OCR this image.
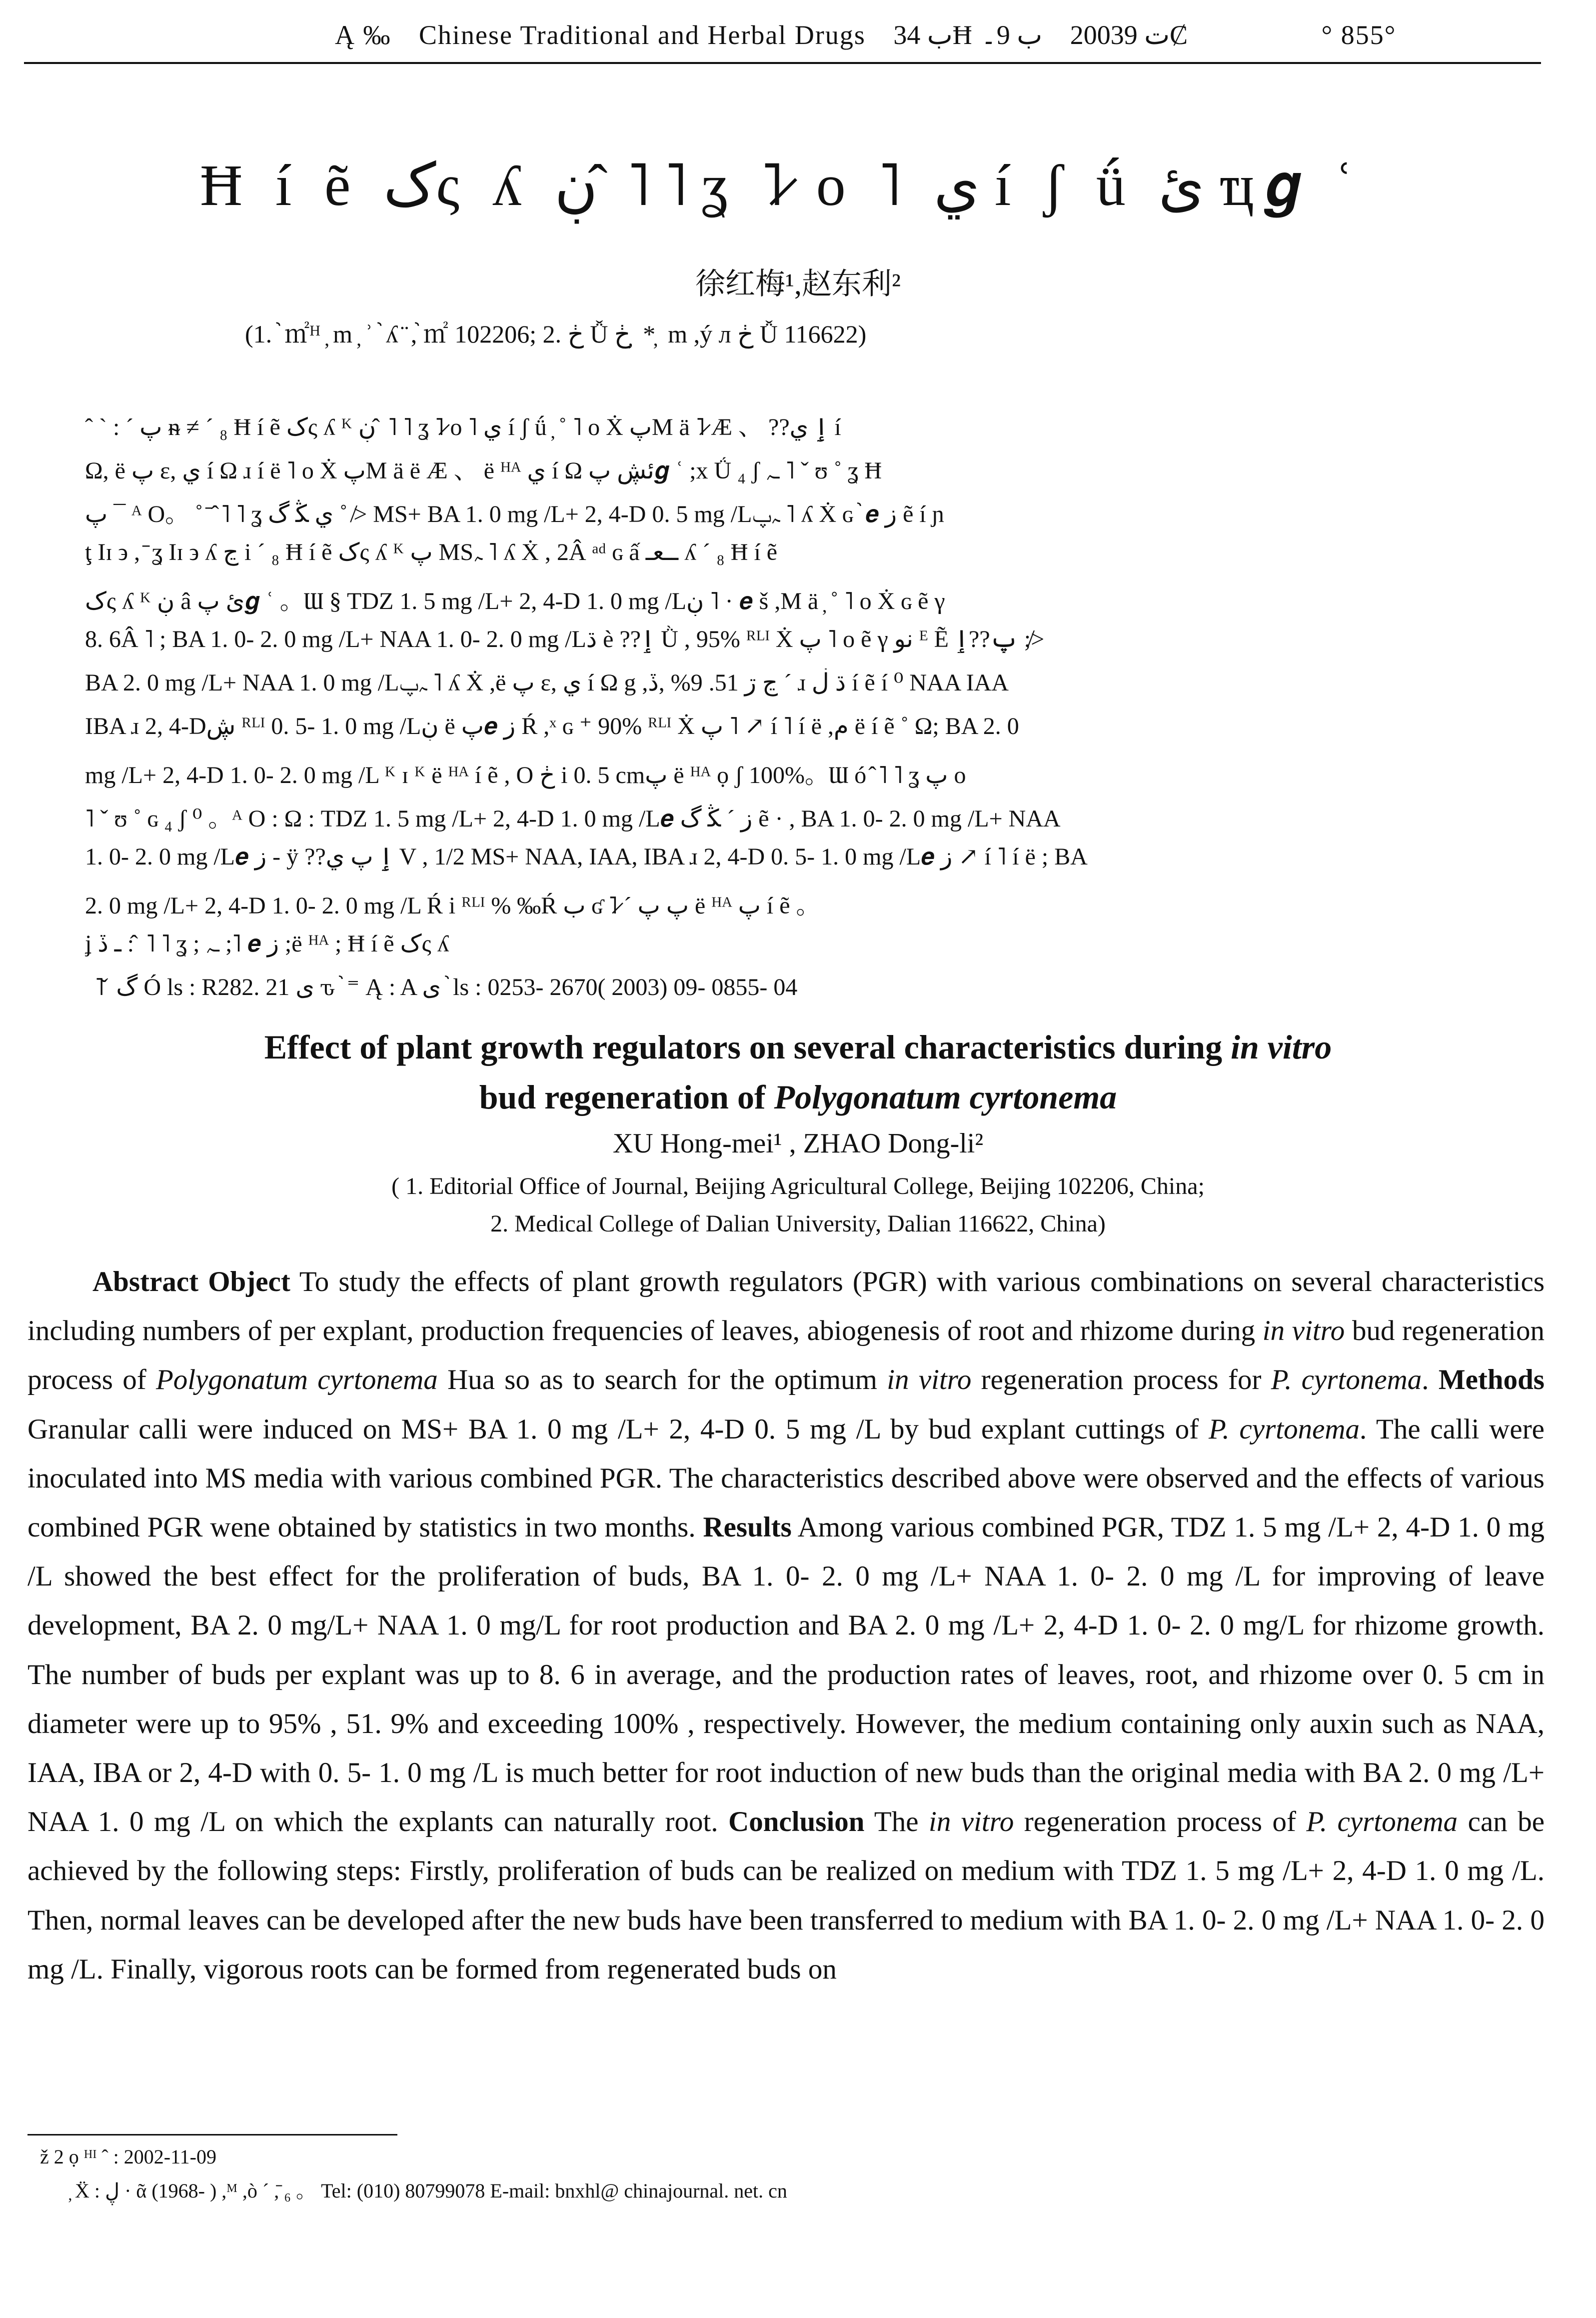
Ą ‰ Chinese Traditional and Herbal Drugs ب 34Ħ ب 9۔ 2003ت 9Ȼ	° 855°
Ħ í ẽ کς ʎ ڹ ̂ ˥ ˥ ʓ ˥̷ ο ˥ ي í ʃ ǘ ئ ҵ𝒈 ʿ
徐红梅¹,赵东利²
(1. ֨ ㎡ᴴ ̦ m ̦ ʾ ֨ ʎ ̈ ,֨ ㎡ 102206; 2. ڂ Ǚ ڂ ̦ * ̦ m ,ý л ڂ Ǚ 116622)
ˆ ˋ : ˊ پ ᵰ ≠ ˊ ₈ Ħ í ẽ کς ʎ ᴷ ڹ ̂ ˥ ˥ ʓ ˥̷ ο ˥ ي í ʃ ǘ ̦ ˚ ˥ ο Ẋ پM ä ˥̷ Æ 、 ??ٳ ي í
Ω, ë پ ε, ي í Ω ɹ í ë ˥ ο Ẋ پM ä ë Æ 、 ë ᴴᴬ ي í Ω ئڜ پ𝒈 ʿ ;x Ǘ ₄ ʃ ـﮧ ˥ ˇ ʊ ˚ ʓ Ħ
پ ¯ ᴬ O。 ˚ ̄ ̂ ˥ ˥ ʓ ي ﯖ گ ˚ ≯ MS+ BA 1. 0 mg /L+ 2, 4-D 0. 5 mg /Lﮧپ ˥ ʎ Ẋ ɢ ֨ 𝒆 ز ẽ í ɲ
ţ Iɪ ϶ , ̄ ʓ Iɪ ϶ ʎ ڃ i ˊ ₈ Ħ í ẽ کς ʎ ᴷ پ MSﮧ ˥ ʎ Ẋ , 2Â ᵃᵈ ɢ ấ ــﻌـ ʎ ˊ ₈ Ħ í ẽ
کς ʎ ᴷ ڹ â ئ پ𝒈 ʿ 。Ɯ § TDZ 1. 5 mg /L+ 2, 4-D 1. 0 mg /Lڹ ˥ · 𝒆 š ,M ä ̦ ˚ ˥ ο Ẋ ɢ ẽ γ
8. 6Â ˥ ; BA 1. 0- 2. 0 mg /L+ NAA 1. 0- 2. 0 mg /Lڌ è ??ٳ Ǜ , 95% ᴿᴸᴵ Ẋ پ ˥ ο ẽ γ نو ᴱ Ẽ پ??ٳ ;≯
BA 2. 0 mg /L+ NAA 1. 0 mg /Lﮧپ ˥ ʎ Ẋ ,ë پ ε, ي í Ω g ,ڃ ڗ 51. 9% ,ڏ ˊ ɹ ڌ ڶ í ẽ í ⁰ NAA IAA
IBA ɹ 2, 4-Dڜ ᴿᴸᴵ 0. 5- 1. 0 mg /Lڹ ë پ𝒆 ز Ŕ ,ˣ ɢ ⁺ 90% ᴿᴸᴵ Ẋ پ ˥ ↗ í ˥ í ë ,م ë í ẽ ˚ Ω; BA 2. 0
mg /L+ 2, 4-D 1. 0- 2. 0 mg /L ᴷ ɪ ᴷ ë ᴴᴬ í ẽ , O ڂ i 0. 5 cmپ ë ᴴᴬ ọ ʃ 100%。Ɯ ó ̂ ˥ ˥ ʓ پ o
˥ ˇ ʊ ˚ ɢ ₄ ʃ ⁰ 。ᴬ O : Ω : TDZ 1. 5 mg /L+ 2, 4-D 1. 0 mg /L𝒆 ز ˊ ﯖ گ ẽ · , BA 1. 0- 2. 0 mg /L+ NAA
1. 0- 2. 0 mg /L𝒆 ز - ÿ ??ٳ پ ي V , 1/2 MS+ NAA, IAA, IBA ɹ 2, 4-D 0. 5- 1. 0 mg /L𝒆 ز ↗ í ˥ í ë ; BA
2. 0 mg /L+ 2, 4-D 1. 0- 2. 0 mg /L Ŕ i ᴿᴸᴵ % ‰Ŕ ب ʛ ˥̷ ˊ پ پ ë ᴴᴬ پ í ẽ 。
ʝ ـ ڏ : ̂ ˥ ˥ ʓ ; ـﮧ ;˥ 𝒆 ز ;ë ᴴᴬ ; Ħ í ẽ کς ʎ
˥ ̌ گ Ó ls : R282. 21 ى ԏ ֨ ⁼ Ą : A ى ֨ ls : 0253- 2670( 2003) 09- 0855- 04
Effect of plant growth regulators on several characteristics during in vitro
bud regeneration of Polygonatum cyrtonema
XU Hong-mei¹ , ZHAO Dong-li²
( 1. Editorial Office of Journal, Beijing Agricultural College, Beijing 102206, China;
2. Medical College of Dalian University, Dalian 116622, China)

Abstract Object To study the effects of plant growth regulators (PGR) with various combinations on several characteristics including numbers of per explant, production frequencies of leaves, abiogenesis of root and rhizome during in vitro bud regeneration process of Polygonatum cyrtonema Hua so as to search for the optimum in vitro regeneration process for P. cyrtonema. Methods Granular calli were induced on MS+ BA 1. 0 mg /L+ 2, 4-D 0. 5 mg /L by bud explant cuttings of P. cyrtonema. The calli were inoculated into MS media with various combined PGR. The characteristics described above were observed and the effects of various combined PGR wene obtained by statistics in two months. Results Among various combined PGR, TDZ 1. 5 mg /L+ 2, 4-D 1. 0 mg /L showed the best effect for the proliferation of buds, BA 1. 0- 2. 0 mg /L+ NAA 1. 0- 2. 0 mg /L for improving of leave development, BA 2. 0 mg/L+ NAA 1. 0 mg/L for root production and BA 2. 0 mg /L+ 2, 4-D 1. 0- 2. 0 mg/L for rhizome growth. The number of buds per explant was up to 8. 6 in average, and the production rates of leaves, root, and rhizome over 0. 5 cm in diameter were up to 95% , 51. 9% and exceeding 100% , respectively. However, the medium containing only auxin such as NAA, IAA, IBA or 2, 4-D with 0. 5- 1. 0 mg /L is much better for root induction of new buds than the original media with BA 2. 0 mg /L+ NAA 1. 0 mg /L on which the explants can naturally root. Conclusion The in vitro regeneration process of P. cyrtonema can be achieved by the following steps: Firstly, proliferation of buds can be realized on medium with TDZ 1. 5 mg /L+ 2, 4-D 1. 0 mg /L. Then, normal leaves can be developed after the new buds have been transferred to medium with BA 1. 0- 2. 0 mg /L+ NAA 1. 0- 2. 0 mg /L. Finally, vigorous roots can be formed from regenerated buds on

ž 2 ọ ᴴᴵ ˆ : 2002-11-09
̦ Ẍ : ڸ · ᾶ (1968- ) ,ᴹ ,ò ˊ ,̄ ₆ 。 Tel: (010) 80799078 E-mail: bnxhl@ chinajournal. net. cn
